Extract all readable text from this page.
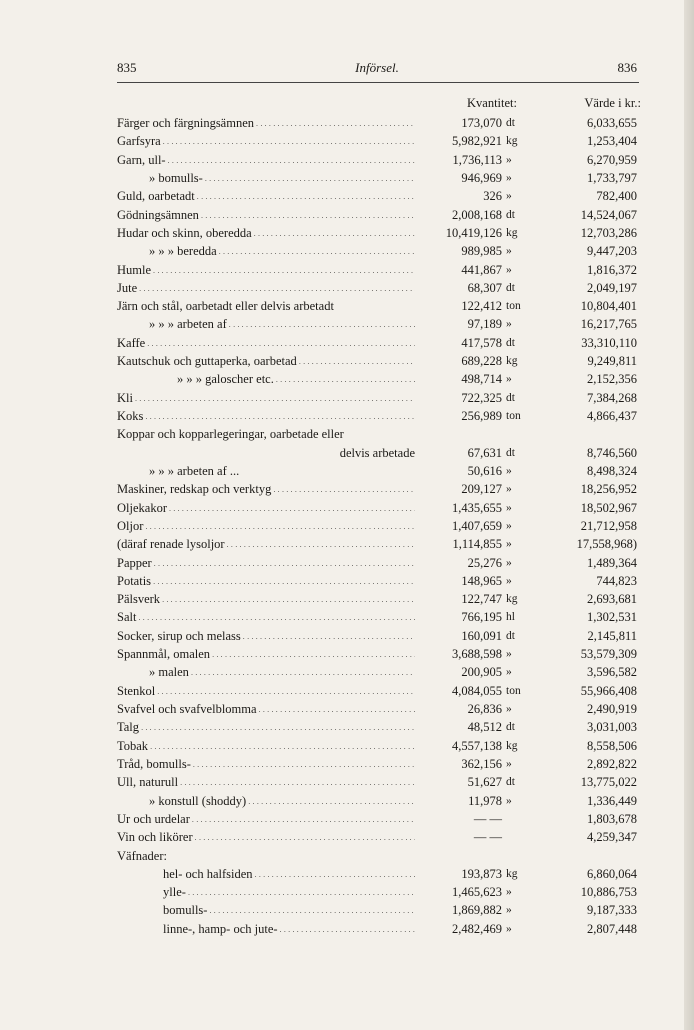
835	Införsel.	836
Kvantitet:	Värde i kr.:
Färger och färgningsämnen . . .	173,070 dt	6,033,655
Garfsyra . . .	5,982,921 kg	1,253,404
Garn, ull- . . .	1,736,113 »	6,270,959
» bomulls- . . .	946,969 »	1,733,797
Guld, oarbetadt . . .	326 »	782,400
Gödningsämnen . . .	2,008,168 dt	14,524,067
Hudar och skinn, oberedda . . .	10,419,126 kg	12,703,286
» » » beredda . . .	989,985 »	9,447,203
Humle . . .	441,867 »	1,816,372
Jute . . .	68,307 dt	2,049,197
Järn och stål, oarbetadt eller delvis arbetadt	122,412 ton	10,804,401
» » » arbeten af . . .	97,189 »	16,217,765
Kaffe . . .	417,578 dt	33,310,110
Kautschuk och guttaperka, oarbetad . . .	689,228 kg	9,249,811
» » » galoscher etc. . . .	498,714 »	2,152,356
Kli . . .	722,325 dt	7,384,268
Koks . . .	256,989 ton	4,866,437
Koppar och kopparlegeringar, oarbetade eller
delvis arbetade	67,631 dt	8,746,560
» » » arbeten af ...	50,616 »	8,498,324
Maskiner, redskap och verktyg . . .	209,127 »	18,256,952
Oljekakor . . .	1,435,655 »	18,502,967
Oljor . . .	1,407,659 »	21,712,958
(däraf renade lysoljor . . .	1,114,855 »	17,558,968)
Papper . . .	25,276 »	1,489,364
Potatis . . .	148,965 »	744,823
Pälsverk . . .	122,747 kg	2,693,681
Salt . . .	766,195 hl	1,302,531
Socker, sirup och melass . . .	160,091 dt	2,145,811
Spannmål, omalen . . .	3,688,598 »	53,579,309
» malen . . .	200,905 »	3,596,582
Stenkol . . .	4,084,055 ton	55,966,408
Svafvel och svafvelblomma . . .	26,836 »	2,490,919
Talg . . .	48,512 dt	3,031,003
Tobak . . .	4,557,138 kg	8,558,506
Tråd, bomulls- . . .	362,156 »	2,892,822
Ull, naturull . . .	51,627 dt	13,775,022
» konstull (shoddy) . . .	11,978 »	1,336,449
Ur och urdelar . . .	— —	1,803,678
Vin och likörer . . .	— —	4,259,347
Väfnader:
hel- och halfsiden . . .	193,873 kg	6,860,064
ylle- . . .	1,465,623 »	10,886,753
bomulls- . . .	1,869,882 »	9,187,333
linne-, hamp- och jute- . . .	2,482,469 »	2,807,448
